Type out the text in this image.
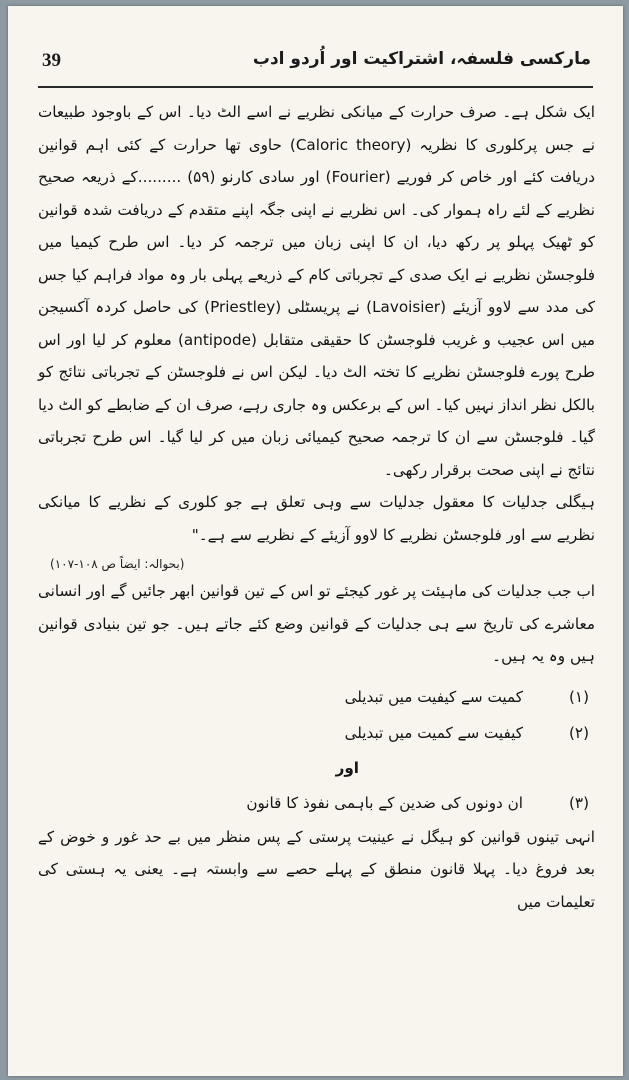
39	مارکسی فلسفہ، اشتراکیت اور اُردو ادب

ایک شکل ہے۔ صرف حرارت کے میانکی نظریے نے اسے الٹ دیا۔ اس کے باوجود طبیعات نے جس پرکلوری کا نظریہ (Caloric theory) حاوی تھا حرارت کے کئی اہم قوانین دریافت کئے اور خاص کر فوریے (Fourier) اور سادی کارنو (۵۹) .........کے ذریعہ صحیح نظریے کے لئے راہ ہموار کی۔ اس نظریے نے اپنی جگہ اپنے متقدم کے دریافت شدہ قوانین کو ٹھیک پہلو پر رکھ دیا، ان کا اپنی زبان میں ترجمہ کر دیا۔ اس طرح کیمیا میں فلوجسٹن نظریے نے ایک صدی کے تجرباتی کام کے ذریعے پہلی بار وہ مواد فراہم کیا جس کی مدد سے لاوو آزیئے (Lavoisier) نے پریسٹلی (Priestley) کی حاصل کردہ آکسیجن میں اس عجیب و غریب فلوجسٹن کا حقیقی متقابل (antipode) معلوم کر لیا اور اس طرح پورے فلوجسٹن نظریے کا تختہ الٹ دیا۔ لیکن اس نے فلوجسٹن کے تجرباتی نتائج کو بالکل نظر انداز نہیں کیا۔ اس کے برعکس وہ جاری رہے، صرف ان کے ضابطے کو الٹ دیا گیا۔ فلوجسٹن سے ان کا ترجمہ صحیح کیمیائی زبان میں کر لیا گیا۔ اس طرح تجرباتی نتائج نے اپنی صحت برقرار رکھی۔

ہیگلی جدلیات کا معقول جدلیات سے وہی تعلق ہے جو کلوری کے نظریے کا میانکی نظریے سے اور فلوجسٹن نظریے کا لاوو آزیئے کے نظریے سے ہے۔"

(بحوالہ: ایضاً ص ۱۰۸-۱۰۷)

اب جب جدلیات کی ماہیئت پر غور کیجئے تو اس کے تین قوانین ابھر جائیں گے اور انسانی معاشرے کی تاریخ سے ہی جدلیات کے قوانین وضع کئے جاتے ہیں۔ جو تین بنیادی قوانین ہیں وہ یہ ہیں۔

(۱)
کمیت سے کیفیت میں تبدیلی
(۲)
کیفیت سے کمیت میں تبدیلی
اور
(۳)
ان دونوں کی ضدین کے باہمی نفوذ کا قانون

انہی تینوں قوانین کو ہیگل نے عینیت پرستی کے پس منظر میں بے حد غور و خوض کے بعد فروغ دیا۔ پہلا قانون منطق کے پہلے حصے سے وابستہ ہے۔ یعنی یہ ہستی کی تعلیمات میں
